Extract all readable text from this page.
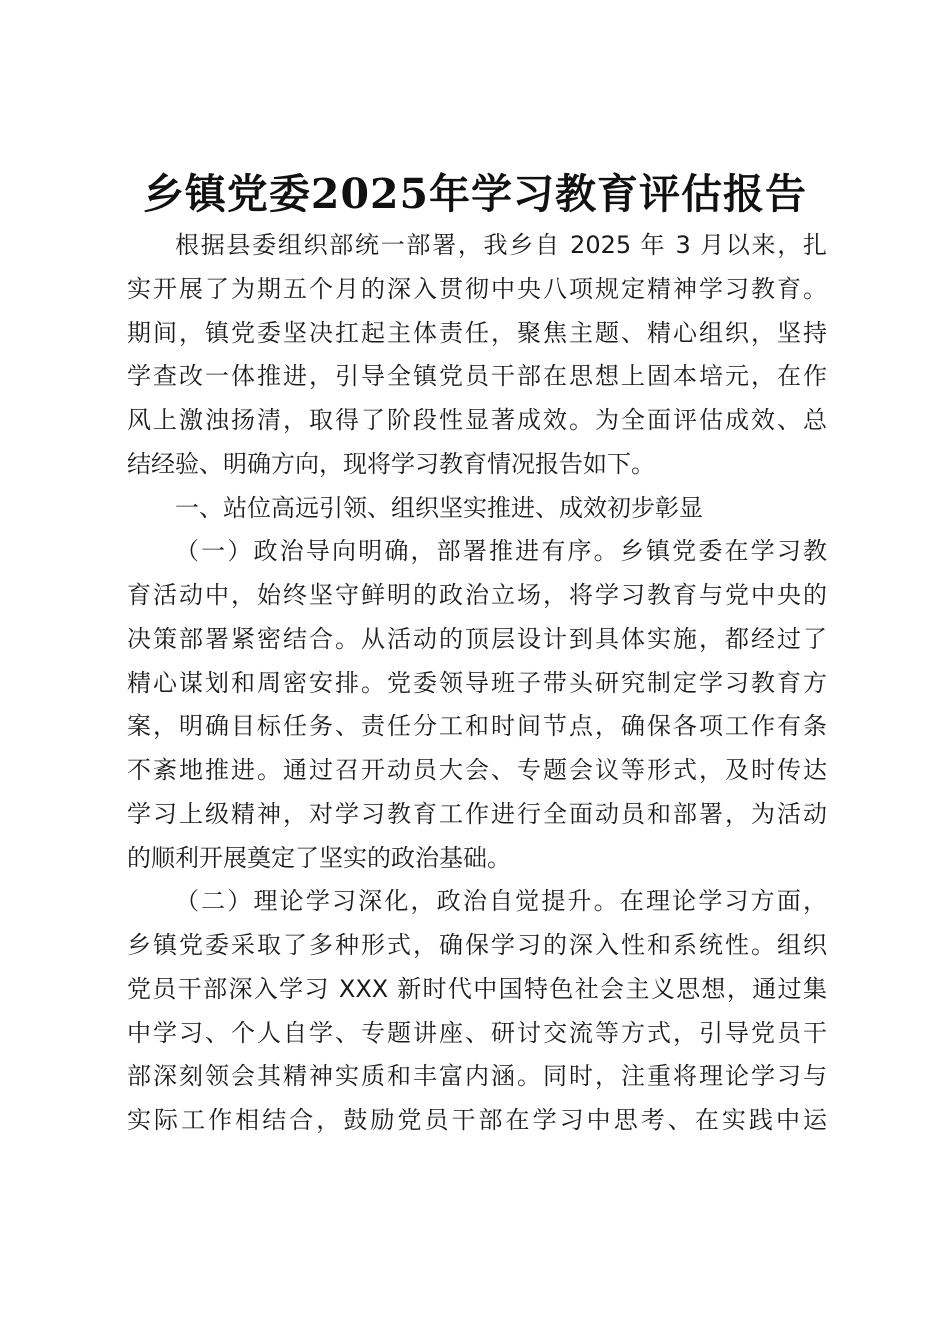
乡镇党委2025年学习教育评估报告
根据县委组织部统一部署，我乡自 2025 年 3 月以来，扎
实开展了为期五个月的深入贯彻中央八项规定精神学习教育。
期间，镇党委坚决扛起主体责任，聚焦主题、精心组织，坚持
学查改一体推进，引导全镇党员干部在思想上固本培元，在作
风上激浊扬清，取得了阶段性显著成效。为全面评估成效、总
结经验、明确方向，现将学习教育情况报告如下。
一、站位高远引领、组织坚实推进、成效初步彰显
（一）政治导向明确，部署推进有序。乡镇党委在学习教
育活动中，始终坚守鲜明的政治立场，将学习教育与党中央的
决策部署紧密结合。从活动的顶层设计到具体实施，都经过了
精心谋划和周密安排。党委领导班子带头研究制定学习教育方
案，明确目标任务、责任分工和时间节点，确保各项工作有条
不紊地推进。通过召开动员大会、专题会议等形式，及时传达
学习上级精神，对学习教育工作进行全面动员和部署，为活动
的顺利开展奠定了坚实的政治基础。
（二）理论学习深化，政治自觉提升。在理论学习方面，
乡镇党委采取了多种形式，确保学习的深入性和系统性。组织
党员干部深入学习 XXX 新时代中国特色社会主义思想，通过集
中学习、个人自学、专题讲座、研讨交流等方式，引导党员干
部深刻领会其精神实质和丰富内涵。同时，注重将理论学习与
实际工作相结合，鼓励党员干部在学习中思考、在实践中运
